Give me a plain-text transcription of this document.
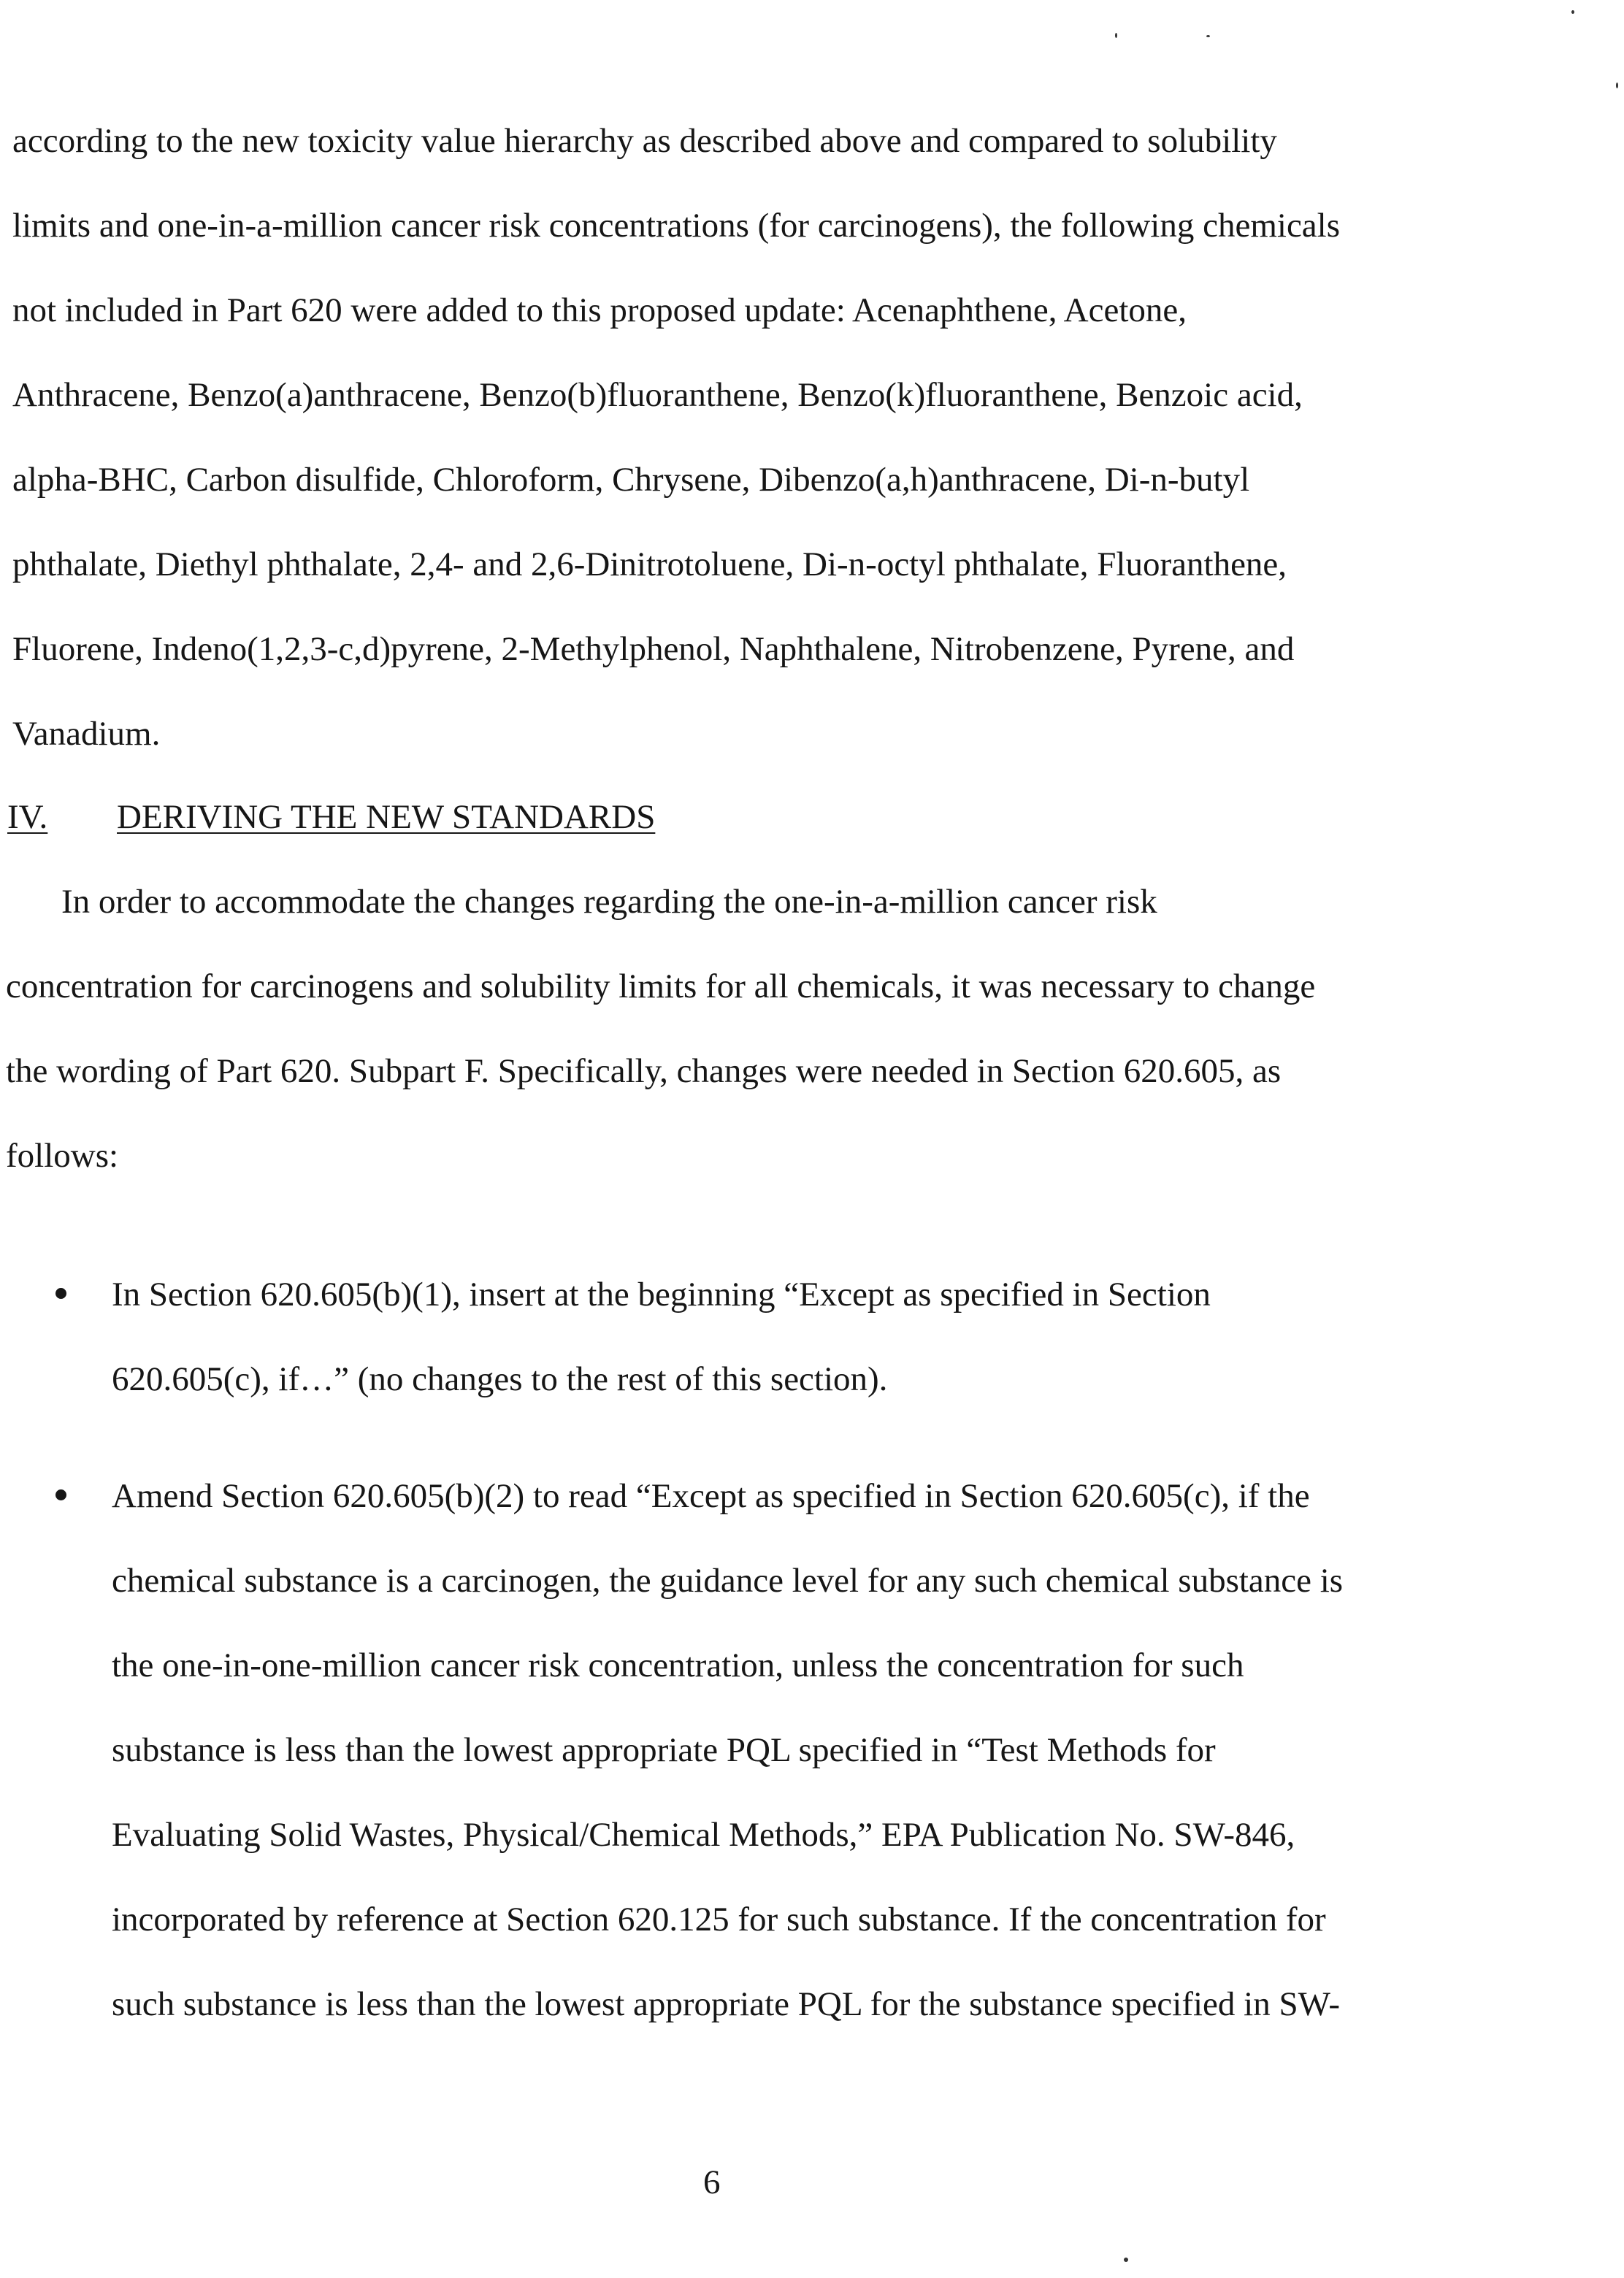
according to the new toxicity value hierarchy as described above and compared to solubility
limits and one-in-a-million cancer risk concentrations (for carcinogens), the following chemicals
not included in Part 620 were added to this proposed update: Acenaphthene, Acetone,
Anthracene, Benzo(a)anthracene, Benzo(b)fluoranthene, Benzo(k)fluoranthene, Benzoic acid,
alpha-BHC, Carbon disulfide, Chloroform, Chrysene, Dibenzo(a,h)anthracene, Di-n-butyl
phthalate, Diethyl phthalate, 2,4- and 2,6-Dinitrotoluene, Di-n-octyl phthalate, Fluoranthene,
Fluorene, Indeno(1,2,3-c,d)pyrene, 2-Methylphenol, Naphthalene, Nitrobenzene, Pyrene, and
Vanadium.
IV. DERIVING THE NEW STANDARDS
In order to accommodate the changes regarding the one-in-a-million cancer risk
concentration for carcinogens and solubility limits for all chemicals, it was necessary to change
the wording of Part 620. Subpart F. Specifically, changes were needed in Section 620.605, as
follows:
In Section 620.605(b)(1), insert at the beginning “Except as specified in Section
620.605(c), if…” (no changes to the rest of this section).
Amend Section 620.605(b)(2) to read “Except as specified in Section 620.605(c), if the
chemical substance is a carcinogen, the guidance level for any such chemical substance is
the one-in-one-million cancer risk concentration, unless the concentration for such
substance is less than the lowest appropriate PQL specified in “Test Methods for
Evaluating Solid Wastes, Physical/Chemical Methods,” EPA Publication No. SW-846,
incorporated by reference at Section 620.125 for such substance. If the concentration for
such substance is less than the lowest appropriate PQL for the substance specified in SW-
6
